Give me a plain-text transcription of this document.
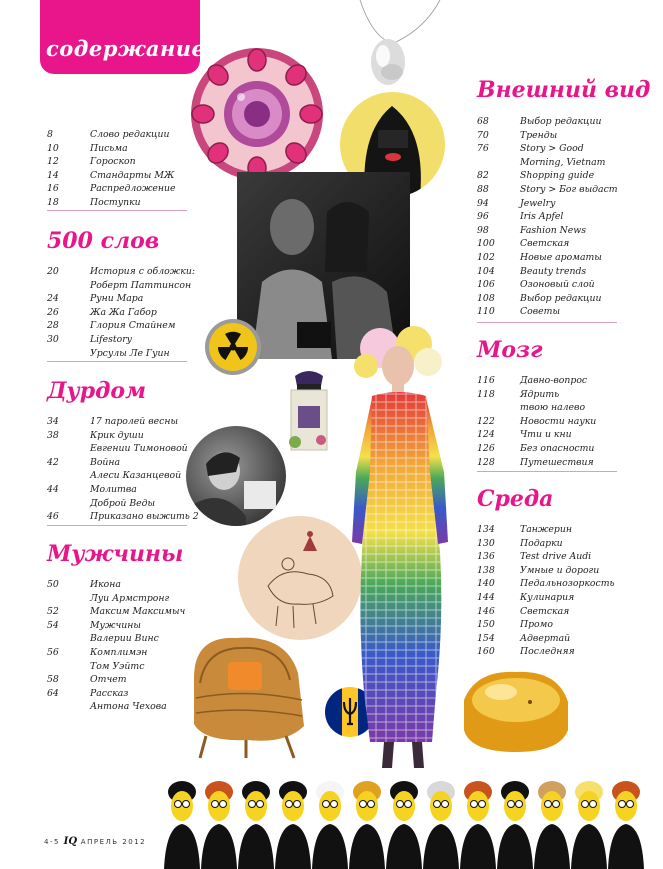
содержание
8	Слово редакции
10	Письма
12	Гороскоп
14	Стандарты МЖ
16	Распредложение
18	Поступки
500 слов
20	История с обложки:
Роберт Паттинсон
24	Руни Мара
26	Жа Жа Габор
28	Глория Стайнем
30	Lifestory
Урсулы Ле Гуин
Дурдом
34	17 паролей весны
38	Крик души
Евгении Тимоновой
42	Война
Алеси Казанцевой
44	Молитва
Доброй Веды
46	Приказано выжить 2
Мужчины
50	Икона
Луи Армстронг
52	Максим Максимыч
54	Мужчины
Валерии Винс
56	Комплимэн
Том Уэйтс
58	Отчет
64	Рассказ
Антона Чехова
Внешний вид
68	Выбор редакции
70	Тренды
76	Story > Good
Morning, Vietnam
82	Shopping guide
88	Story > Бог выдаст
94	Jewelry
96	Iris Apfel
98	Fashion News
100	Светская
102	Новые ароматы
104	Beauty trends
106	Озоновый слой
108	Выбор редакции
110	Советы
Мозг
116	Давно-вопрос
118	Ядрить
твою налево
122	Новости науки
124	Чти и кни
126	Без опасности
128	Путешествия
Среда
134	Танжерин
130	Подарки
136	Test drive Audi
138	Умные и дороги
140	Педальнозоркость
144	Кулинария
146	Светская
150	Промо
154	Адвертай
160	Последняя
4-5 IQ АПРЕЛЬ 2012
